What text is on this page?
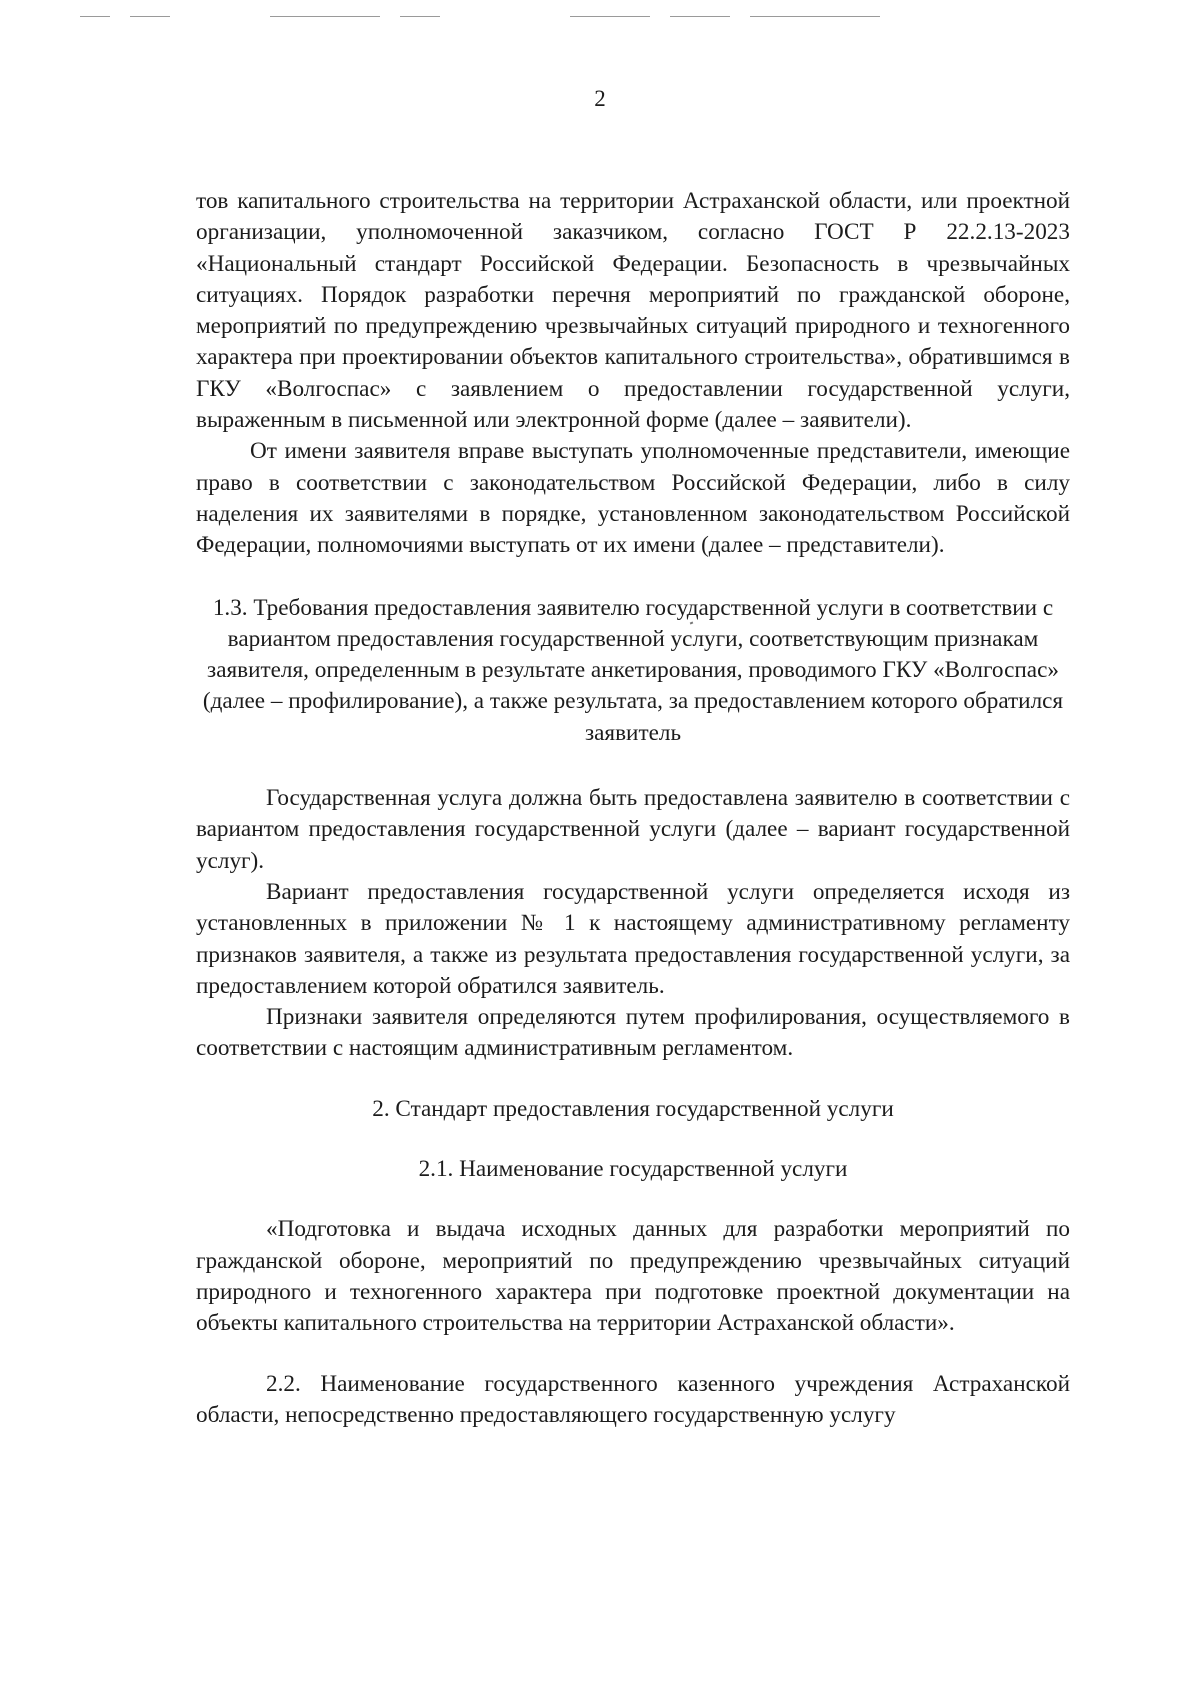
2

тов капитального строительства на территории Астраханской области, или проектной организации, уполномоченной заказчиком, согласно ГОСТ Р 22.2.13-2023 «Национальный стандарт Российской Федерации. Безопасность в чрезвычайных ситуациях. Порядок разработки перечня мероприятий по гражданской обороне, мероприятий по предупреждению чрезвычайных ситуаций природного и техногенного характера при проектировании объектов капитального строительства», обратившимся в ГКУ «Волгоспас» с заявлением о предоставлении государственной услуги, выраженным в письменной или электронной форме (далее – заявители).

От имени заявителя вправе выступать уполномоченные представители, имеющие право в соответствии с законодательством Российской Федерации, либо в силу наделения их заявителями в порядке, установленном законодательством Российской Федерации, полномочиями выступать от их имени (далее – представители).

1.3. Требования предоставления заявителю государственной услуги в соответствии с вариантом предоставления государственной услуги, соответствующим признакам заявителя, определенным в результате анкетирования, проводимого ГКУ «Волгоспас» (далее – профилирование), а также результата, за предоставлением которого обратился заявитель

Государственная услуга должна быть предоставлена заявителю в соответствии с вариантом предоставления государственной услуги (далее – вариант государственной услуг).

Вариант предоставления государственной услуги определяется исходя из установленных в приложении № 1 к настоящему административному регламенту признаков заявителя, а также из результата предоставления государственной услуги, за предоставлением которой обратился заявитель.

Признаки заявителя определяются путем профилирования, осуществляемого в соответствии с настоящим административным регламентом.

2. Стандарт предоставления государственной услуги

2.1. Наименование государственной услуги

«Подготовка и выдача исходных данных для разработки мероприятий по гражданской обороне, мероприятий по предупреждению чрезвычайных ситуаций природного и техногенного характера при подготовке проектной документации на объекты капитального строительства на территории Астраханской области».

2.2. Наименование государственного казенного учреждения Астраханской области, непосредственно предоставляющего государственную услугу
